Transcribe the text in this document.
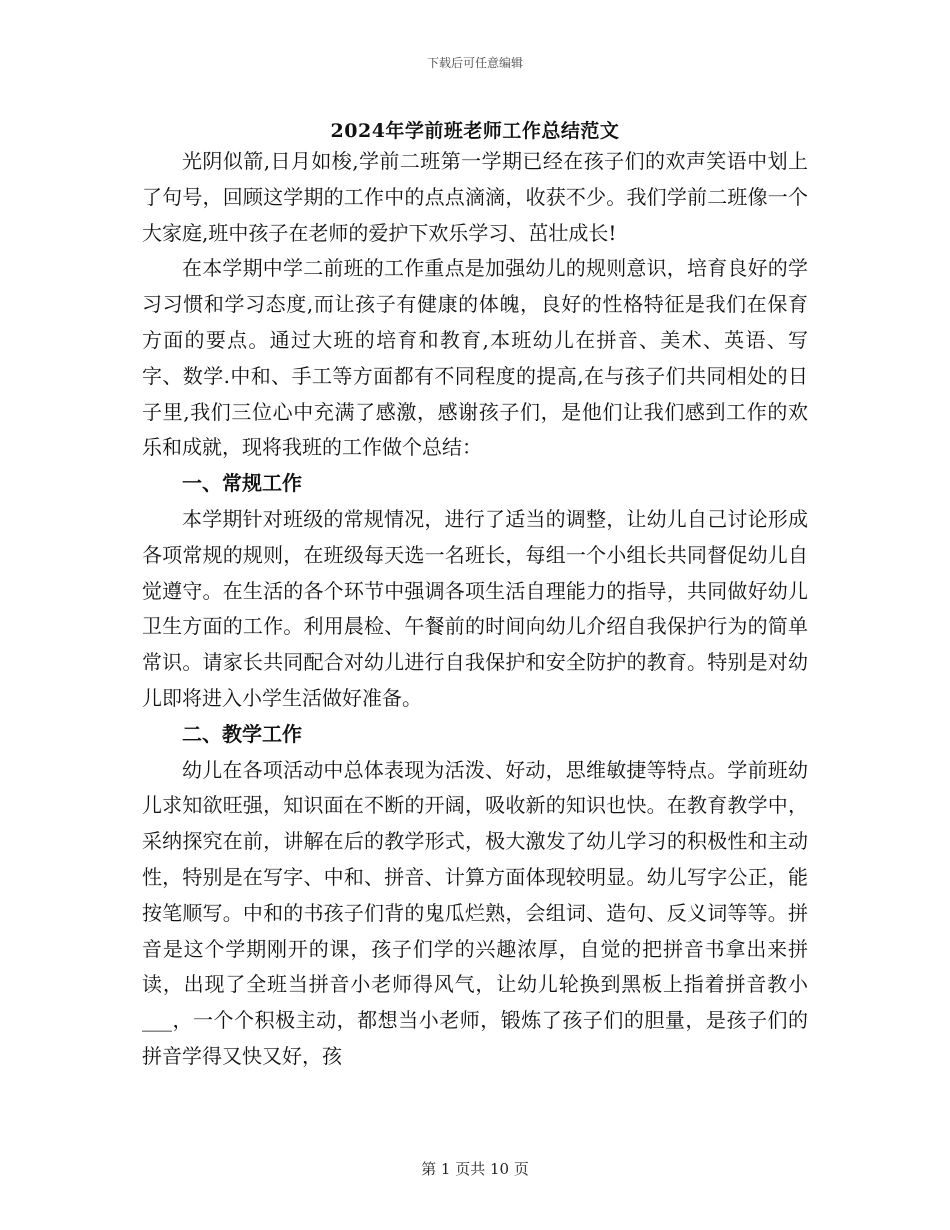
下载后可任意编辑
2024年学前班老师工作总结范文

光阴似箭,日月如梭,学前二班第一学期已经在孩子们的欢声笑语中划上了句号，回顾这学期的工作中的点点滴滴，收获不少。我们学前二班像一个大家庭,班中孩子在老师的爱护下欢乐学习、茁壮成长!

在本学期中学二前班的工作重点是加强幼儿的规则意识，培育良好的学习习惯和学习态度,而让孩子有健康的体魄，良好的性格特征是我们在保育方面的要点。通过大班的培育和教育,本班幼儿在拼音、美术、英语、写字、数学.中和、手工等方面都有不同程度的提高,在与孩子们共同相处的日子里,我们三位心中充满了感激，感谢孩子们，是他们让我们感到工作的欢乐和成就，现将我班的工作做个总结：

一、常规工作

本学期针对班级的常规情况，进行了适当的调整，让幼儿自己讨论形成各项常规的规则，在班级每天选一名班长，每组一个小组长共同督促幼儿自觉遵守。在生活的各个环节中强调各项生活自理能力的指导，共同做好幼儿卫生方面的工作。利用晨检、午餐前的时间向幼儿介绍自我保护行为的简单常识。请家长共同配合对幼儿进行自我保护和安全防护的教育。特别是对幼儿即将进入小学生活做好准备。

二、教学工作

幼儿在各项活动中总体表现为活泼、好动，思维敏捷等特点。学前班幼儿求知欲旺强，知识面在不断的开阔，吸收新的知识也快。在教育教学中，采纳探究在前，讲解在后的教学形式，极大激发了幼儿学习的积极性和主动性，特别是在写字、中和、拼音、计算方面体现较明显。幼儿写字公正，能按笔顺写。中和的书孩子们背的鬼瓜烂熟，会组词、造句、反义词等等。拼音是这个学期刚开的课，孩子们学的兴趣浓厚，自觉的把拼音书拿出来拼读，出现了全班当拼音小老师得风气，让幼儿轮换到黑板上指着拼音教小___，一个个积极主动，都想当小老师，锻炼了孩子们的胆量，是孩子们的拼音学得又快又好，孩

第 1 页共 10 页
